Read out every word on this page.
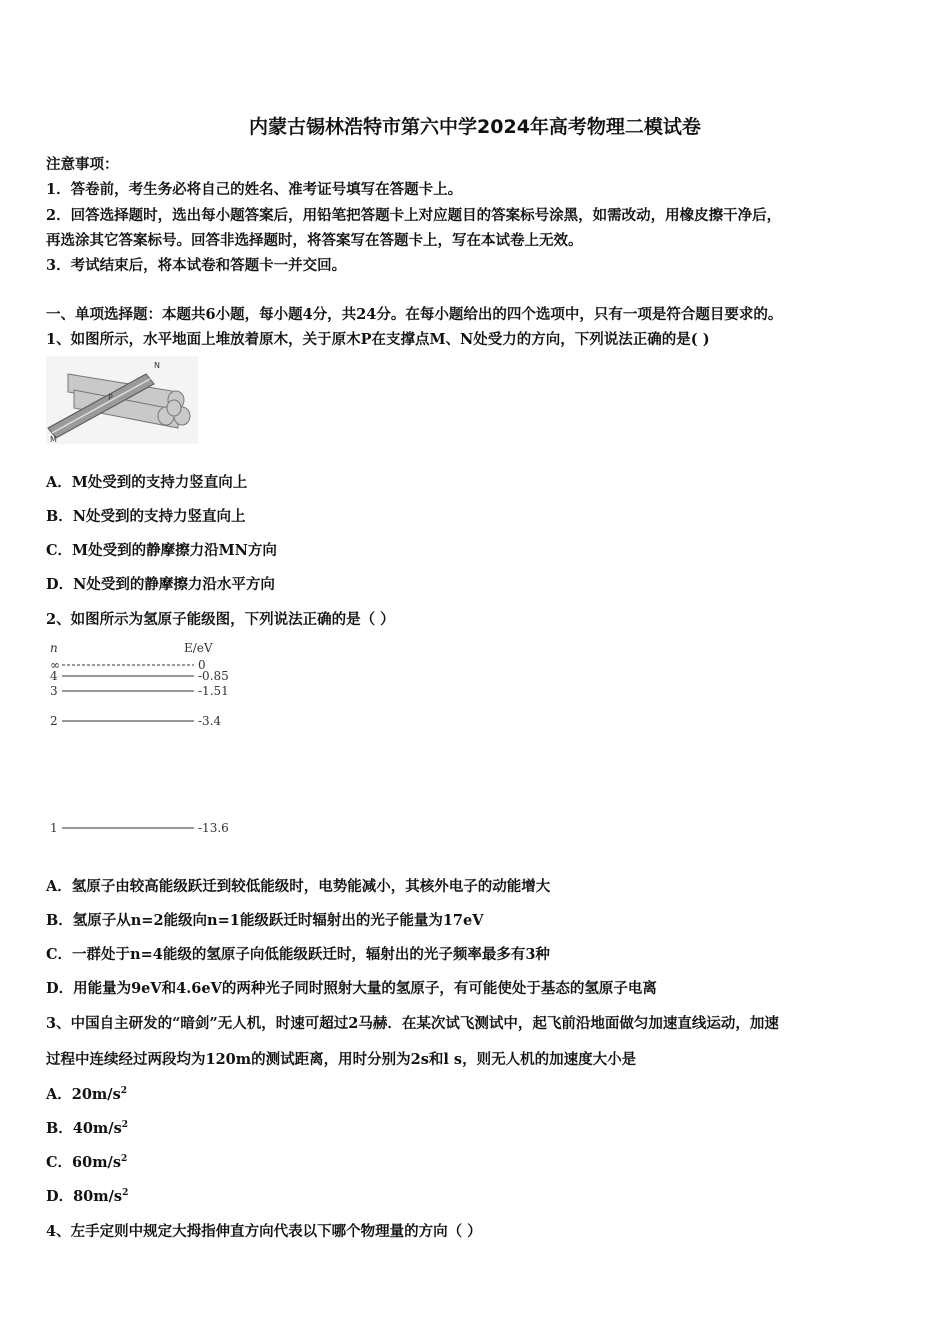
内蒙古锡林浩特市第六中学2024年高考物理二模试卷
注意事项：
1．答卷前，考生务必将自己的姓名、准考证号填写在答题卡上。
2．回答选择题时，选出每小题答案后，用铅笔把答题卡上对应题目的答案标号涂黑，如需改动，用橡皮擦干净后，
再选涂其它答案标号。回答非选择题时，将答案写在答题卡上，写在本试卷上无效。
3．考试结束后，将本试卷和答题卡一并交回。
一、单项选择题：本题共6小题，每小题4分，共24分。在每小题给出的四个选项中，只有一项是符合题目要求的。
1、如图所示，水平地面上堆放着原木，关于原木P在支撑点M、N处受力的方向，下列说法正确的是( )
N
P
M
A．M处受到的支持力竖直向上
B．N处受到的支持力竖直向上
C．M处受到的静摩擦力沿MN方向
D．N处受到的静摩擦力沿水平方向
2、如图所示为氢原子能级图，下列说法正确的是（ ）
n	E/eV
∞	0
4	-0.85
3	-1.51
2	-3.4
1	-13.6
A．氢原子由较高能级跃迁到较低能级时，电势能减小，其核外电子的动能增大
B．氢原子从n=2能级向n=1能级跃迁时辐射出的光子能量为17eV
C．一群处于n=4能级的氢原子向低能级跃迁时，辐射出的光子频率最多有3种
D．用能量为9eV和4.6eV的两种光子同时照射大量的氢原子，有可能使处于基态的氢原子电离
3、中国自主研发的“暗剑”无人机，时速可超过2马赫．在某次试飞测试中，起飞前沿地面做匀加速直线运动，加速
过程中连续经过两段均为120m的测试距离，用时分别为2s和l s，则无人机的加速度大小是
A．$20m/s^2$
B．$40m/s^2$
C．$60m/s^2$
D．$80m/s^2$
4、左手定则中规定大拇指伸直方向代表以下哪个物理量的方向（ ）
